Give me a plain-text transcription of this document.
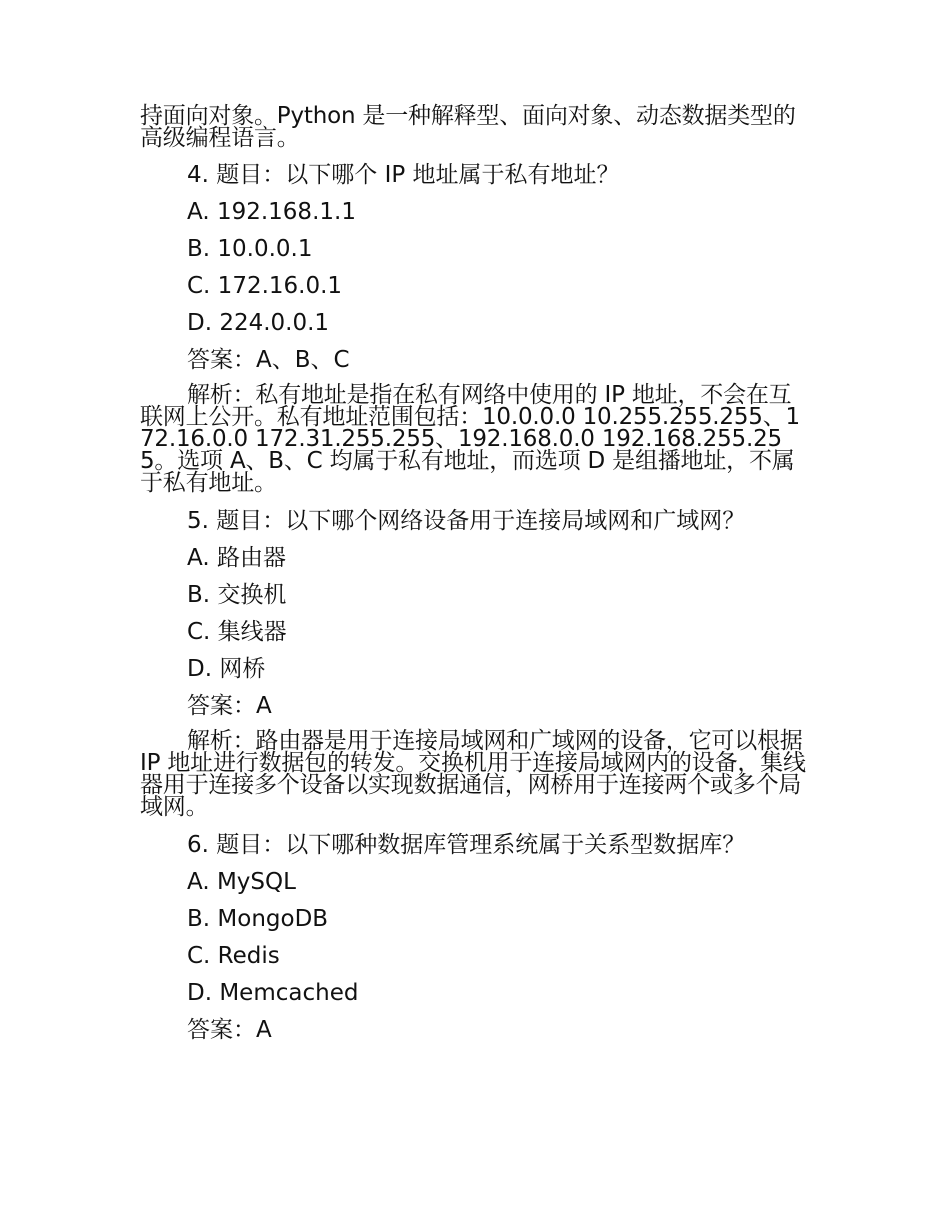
持面向对象。Python 是一种解释型、面向对象、动态数据类型的高级编程语言。

4. 题目：以下哪个 IP 地址属于私有地址？

A. 192.168.1.1

B. 10.0.0.1

C. 172.16.0.1

D. 224.0.0.1

答案：A、B、C

解析：私有地址是指在私有网络中使用的 IP 地址，不会在互联网上公开。私有地址范围包括：10.0.0.0 10.255.255.255、172.16.0.0 172.31.255.255、192.168.0.0 192.168.255.255。选项 A、B、C 均属于私有地址，而选项 D 是组播地址，不属于私有地址。

5. 题目：以下哪个网络设备用于连接局域网和广域网？

A. 路由器

B. 交换机

C. 集线器

D. 网桥

答案：A

解析：路由器是用于连接局域网和广域网的设备，它可以根据 IP 地址进行数据包的转发。交换机用于连接局域网内的设备，集线器用于连接多个设备以实现数据通信，网桥用于连接两个或多个局域网。

6. 题目：以下哪种数据库管理系统属于关系型数据库？

A. MySQL

B. MongoDB

C. Redis

D. Memcached

答案：A
